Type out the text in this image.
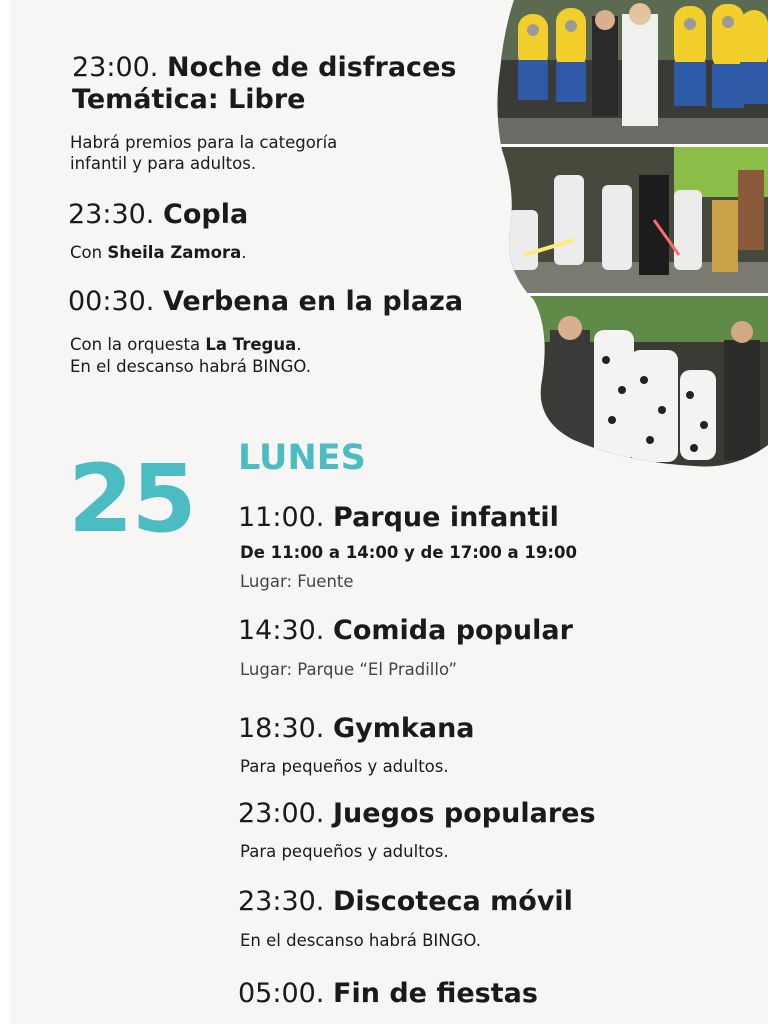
23:00. Noche de disfraces
Temática: Libre
Habrá premios para la categoría
infantil y para adultos.
23:30. Copla
Con Sheila Zamora.
00:30. Verbena en la plaza
Con la orquesta La Tregua.
En el descanso habrá BINGO.
25 LUNES
11:00. Parque infantil
De 11:00 a 14:00 y de 17:00 a 19:00
Lugar: Fuente
14:30. Comida popular
Lugar: Parque “El Pradillo”
18:30. Gymkana
Para pequeños y adultos.
23:00. Juegos populares
Para pequeños y adultos.
23:30. Discoteca móvil
En el descanso habrá BINGO.
05:00. Fin de fiestas
